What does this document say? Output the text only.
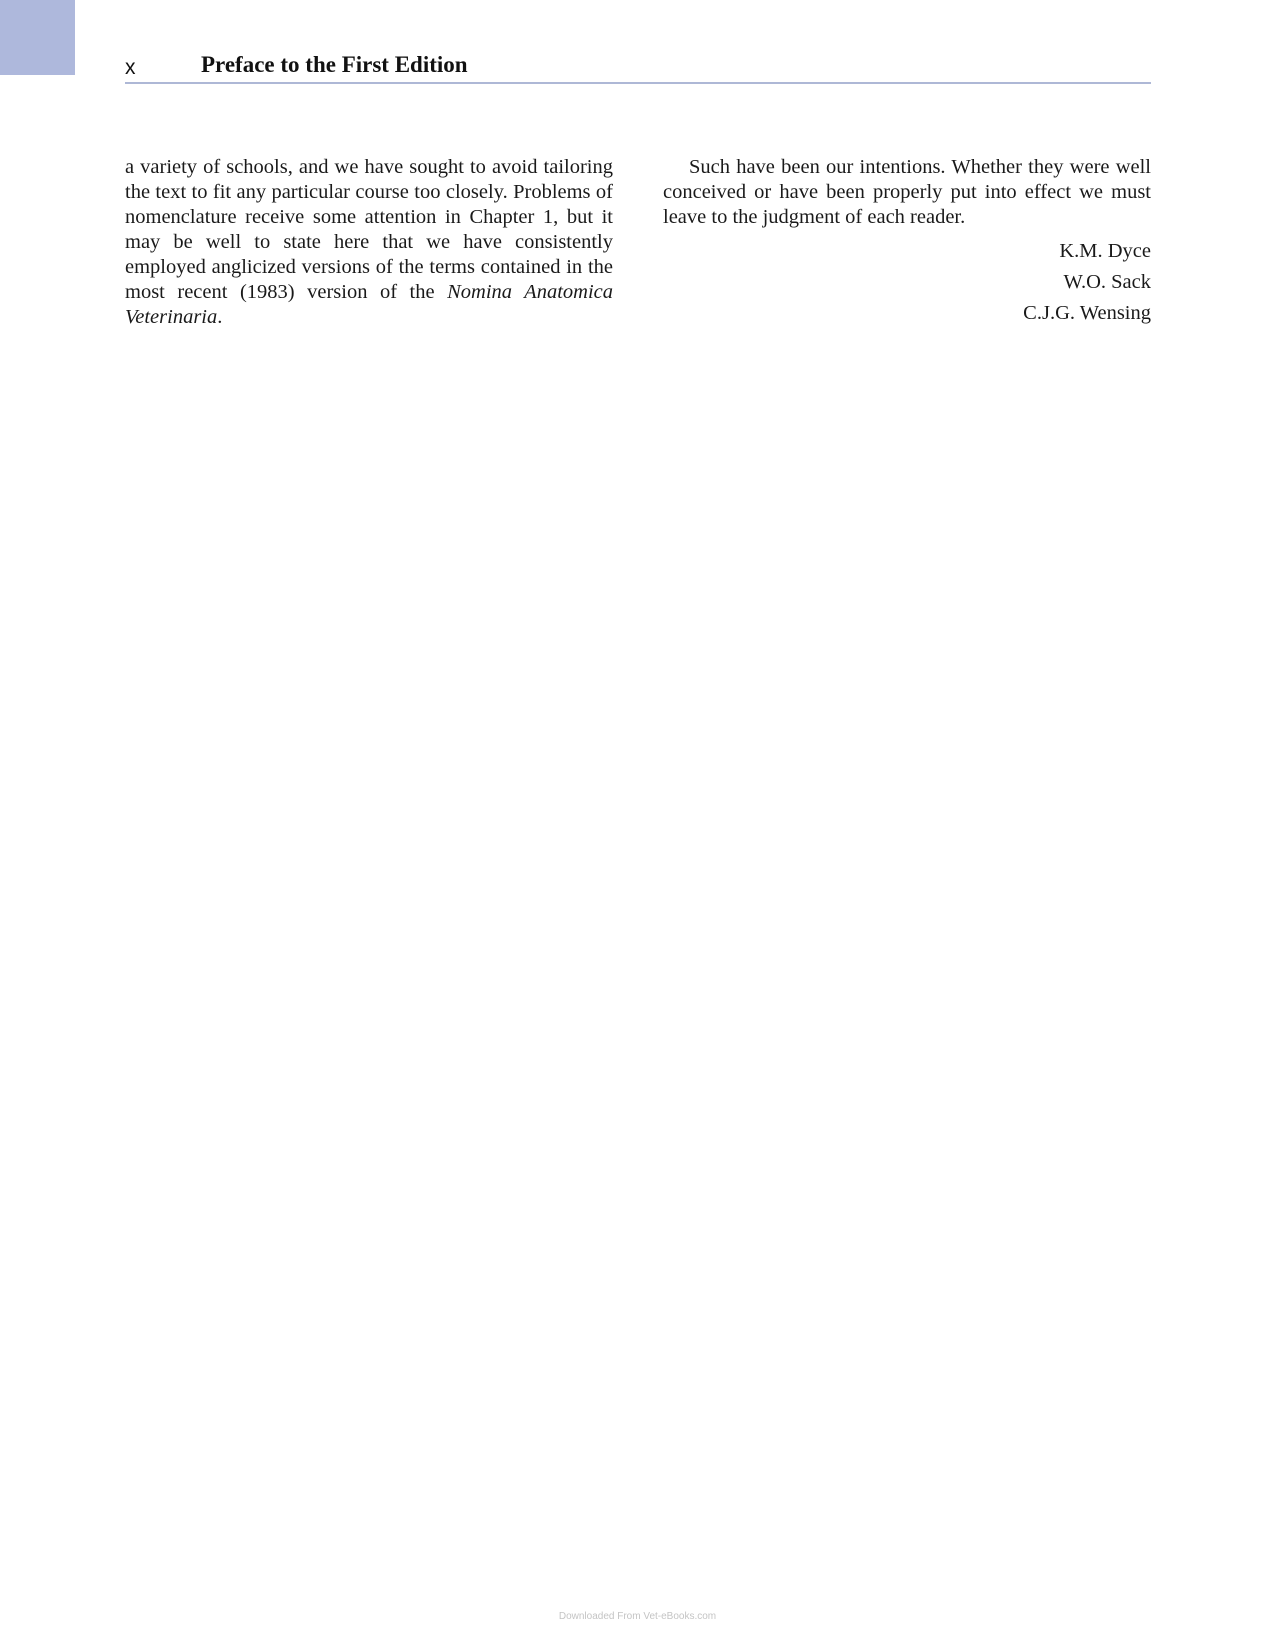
x	Preface to the First Edition

a variety of schools, and we have sought to avoid tailoring the text to fit any particular course too closely. Problems of nomenclature receive some attention in Chapter 1, but it may be well to state here that we have consistently employed anglicized versions of the terms contained in the most recent (1983) version of the Nomina Anatomica Veterinaria.

Such have been our intentions. Whether they were well conceived or have been properly put into effect we must leave to the judgment of each reader.

K.M. Dyce
W.O. Sack
C.J.G. Wensing
Downloaded From Vet-eBooks.com
